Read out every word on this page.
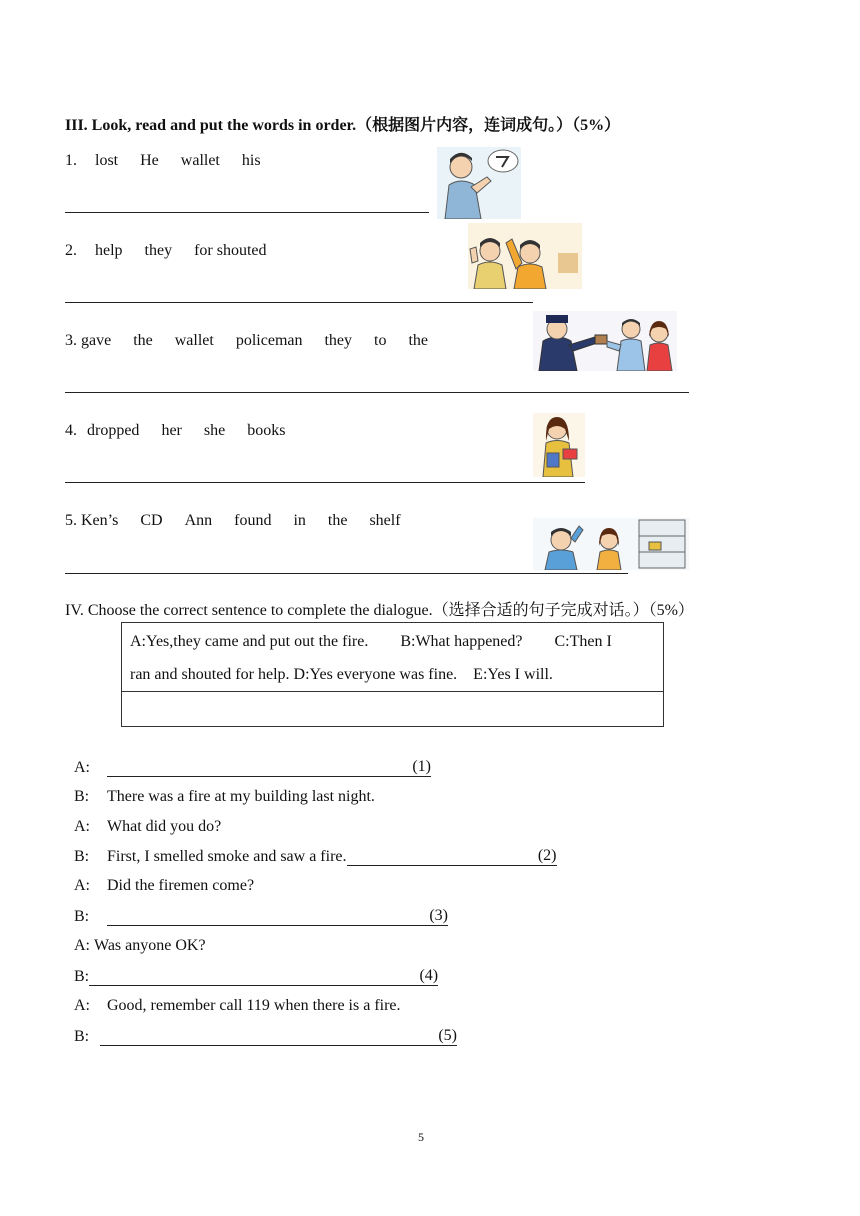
III. Look, read and put the words in order.（根据图片内容，连词成句。）（5%）
1. lost He wallet his
2. help they for shouted
3. gave the wallet policeman they to the
4. dropped her she books
5. Ken’s CD Ann found in the shelf
IV. Choose the correct sentence to complete the dialogue.（选择合适的句子完成对话。）（5%）
A:Yes,they came and put out the fire.        B:What happened?        C:Then I
ran and shouted for help. D:Yes everyone was fine.    E:Yes I will.
A:	(1)
B: There was a fire at my building last night.
A: What did you do?
B: First, I smelled smoke and saw a fire.	(2)
A: Did the firemen come?
B:	(3)
A: Was anyone OK?
B:	(4)
A: Good, remember call 119 when there is a fire.
B:	(5)
5
